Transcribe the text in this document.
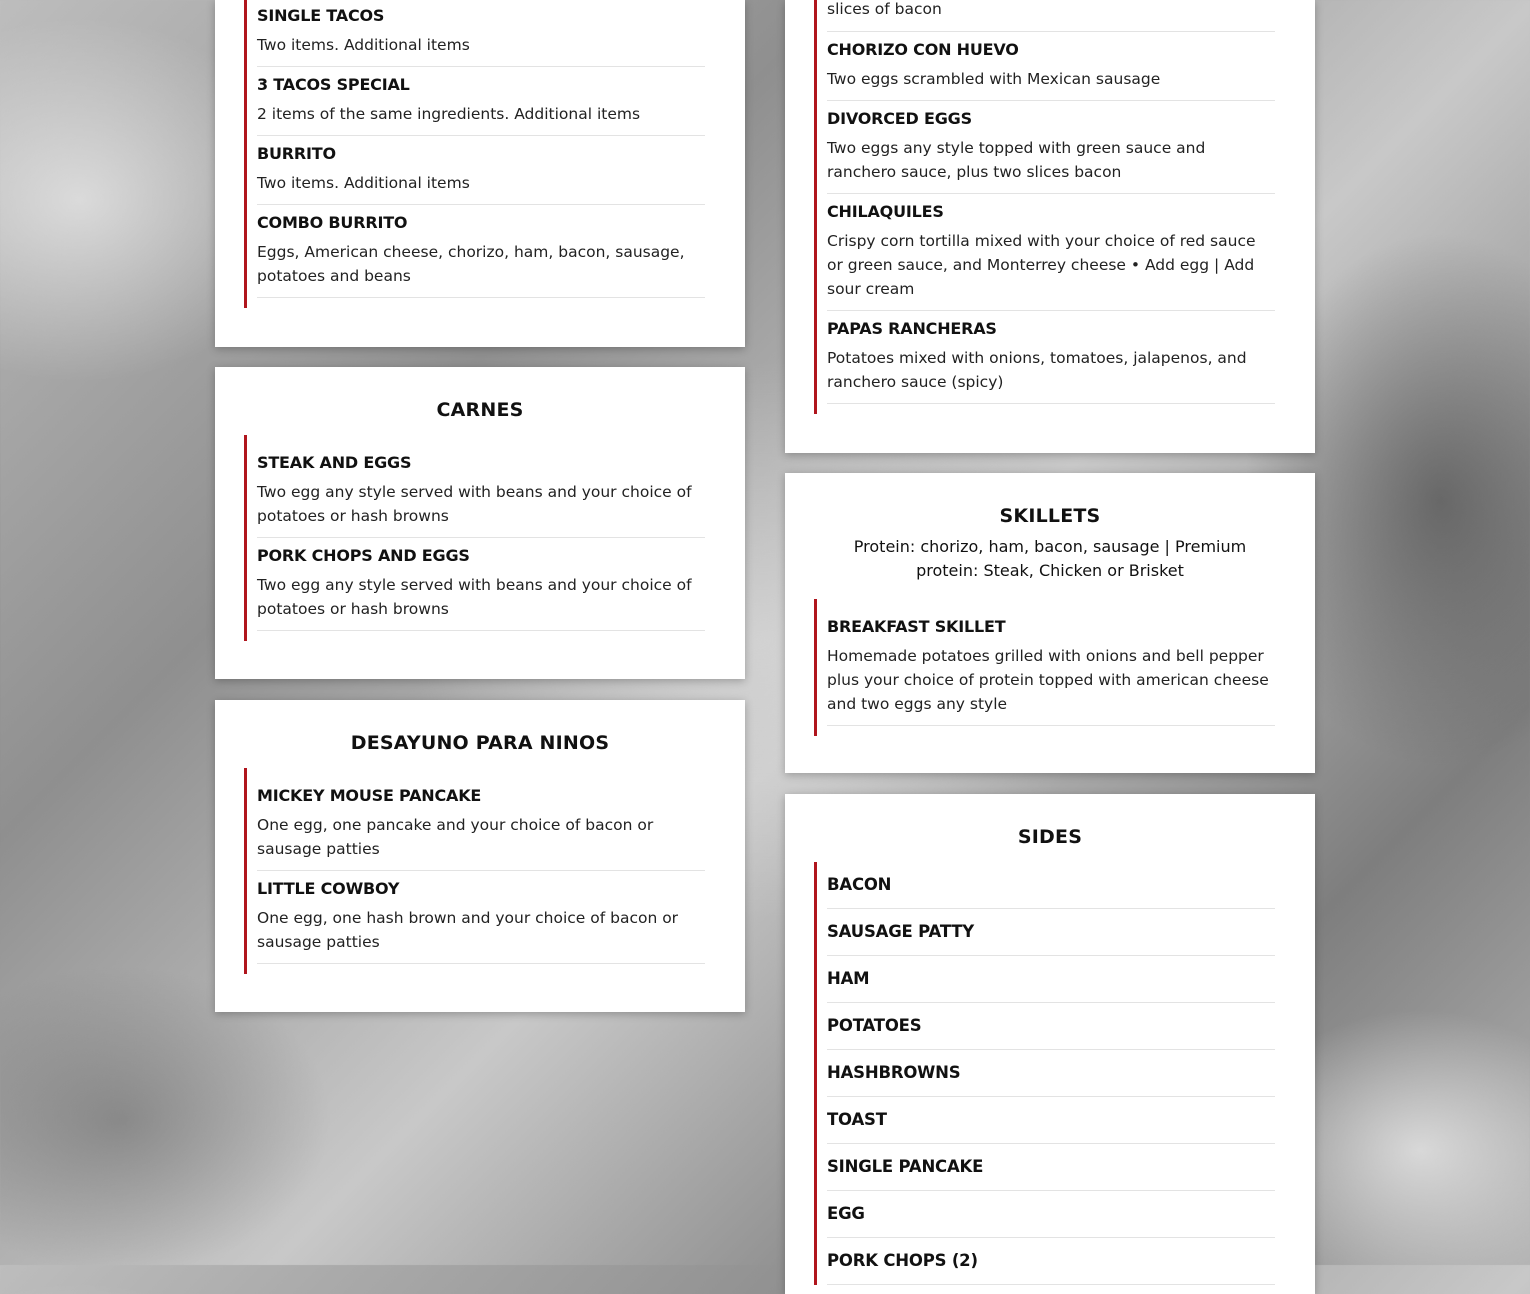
SINGLE TACOS

Two items. Additional items

3 TACOS SPECIAL

2 items of the same ingredients. Additional items

BURRITO

Two items. Additional items

COMBO BURRITO

Eggs, American cheese, chorizo, ham, bacon, sausage, potatoes and beans

CARNES

STEAK AND EGGS

Two egg any style served with beans and your choice of potatoes or hash browns

PORK CHOPS AND EGGS

Two egg any style served with beans and your choice of potatoes or hash browns

DESAYUNO PARA NINOS

MICKEY MOUSE PANCAKE

One egg, one pancake and your choice of bacon or sausage patties

LITTLE COWBOY

One egg, one hash brown and your choice of bacon or sausage patties

slices of bacon

CHORIZO CON HUEVO

Two eggs scrambled with Mexican sausage

DIVORCED EGGS

Two eggs any style topped with green sauce and ranchero sauce, plus two slices bacon

CHILAQUILES

Crispy corn tortilla mixed with your choice of red sauce or green sauce, and Monterrey cheese • Add egg | Add sour cream

PAPAS RANCHERAS

Potatoes mixed with onions, tomatoes, jalapenos, and ranchero sauce (spicy)

SKILLETS

Protein: chorizo, ham, bacon, sausage | Premium protein: Steak, Chicken or Brisket

BREAKFAST SKILLET

Homemade potatoes grilled with onions and bell pepper plus your choice of protein topped with american cheese and two eggs any style

SIDES

BACON

SAUSAGE PATTY

HAM

POTATOES

HASHBROWNS

TOAST

SINGLE PANCAKE

EGG

PORK CHOPS (2)
